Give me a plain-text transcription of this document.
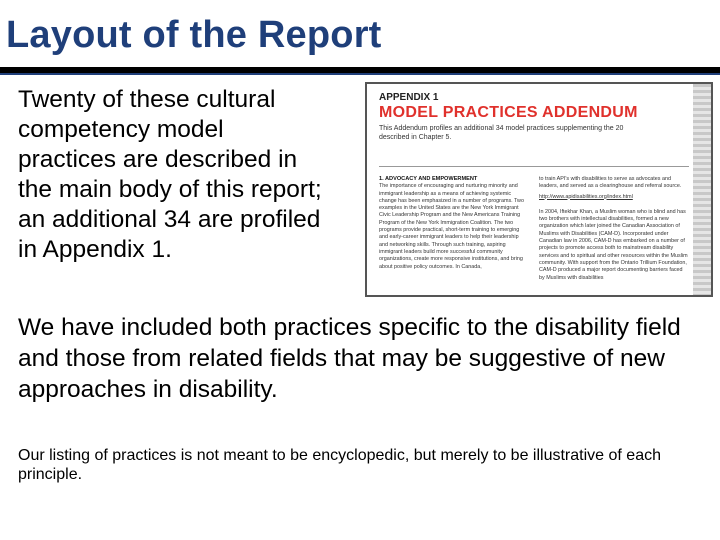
Layout of the Report
Twenty of these cultural
competency model
practices are described in
the main body of this report;
an additional 34 are profiled
in Appendix 1.
APPENDIX 1
MODEL PRACTICES ADDENDUM
This Addendum profiles an additional 34 model practices supplementing the 20 described in Chapter 5.
1. ADVOCACY AND EMPOWERMENT
The importance of encouraging and nurturing minority and immigrant leadership as a means of achieving systemic change has been emphasized in a number of programs. Two examples in the United States are the New York Immigrant Civic Leadership Program and the New Americans Training Program of the New York Immigration Coalition. The two programs provide practical, short-term training to emerging and early-career immigrant leaders to help their leadership and networking skills. Through such training, aspiring immigrant leaders build more successful community organizations, create more responsive institutions, and bring about positive policy outcomes. In Canada,
to train API's with disabilities to serve as advocates and leaders, and served as a clearinghouse and referral source.
http://www.apidisabilities.org/index.html
In 2004, Iftekhar Khan, a Muslim woman who is blind and has two brothers with intellectual disabilities, formed a new organization which later joined the Canadian Association of Muslims with Disabilities (CAM-D). Incorporated under Canadian law in 2006, CAM-D has embarked on a number of projects to promote access both to mainstream disability services and to spiritual and other resources within the Muslim community. With support from the Ontario Trillium Foundation, CAM-D produced a major report documenting barriers faced by Muslims with disabilities
We have included both practices specific to the disability field and those from related fields that may be suggestive of new approaches in disability.
Our listing of practices is not meant to be encyclopedic, but merely to be illustrative of each principle.
